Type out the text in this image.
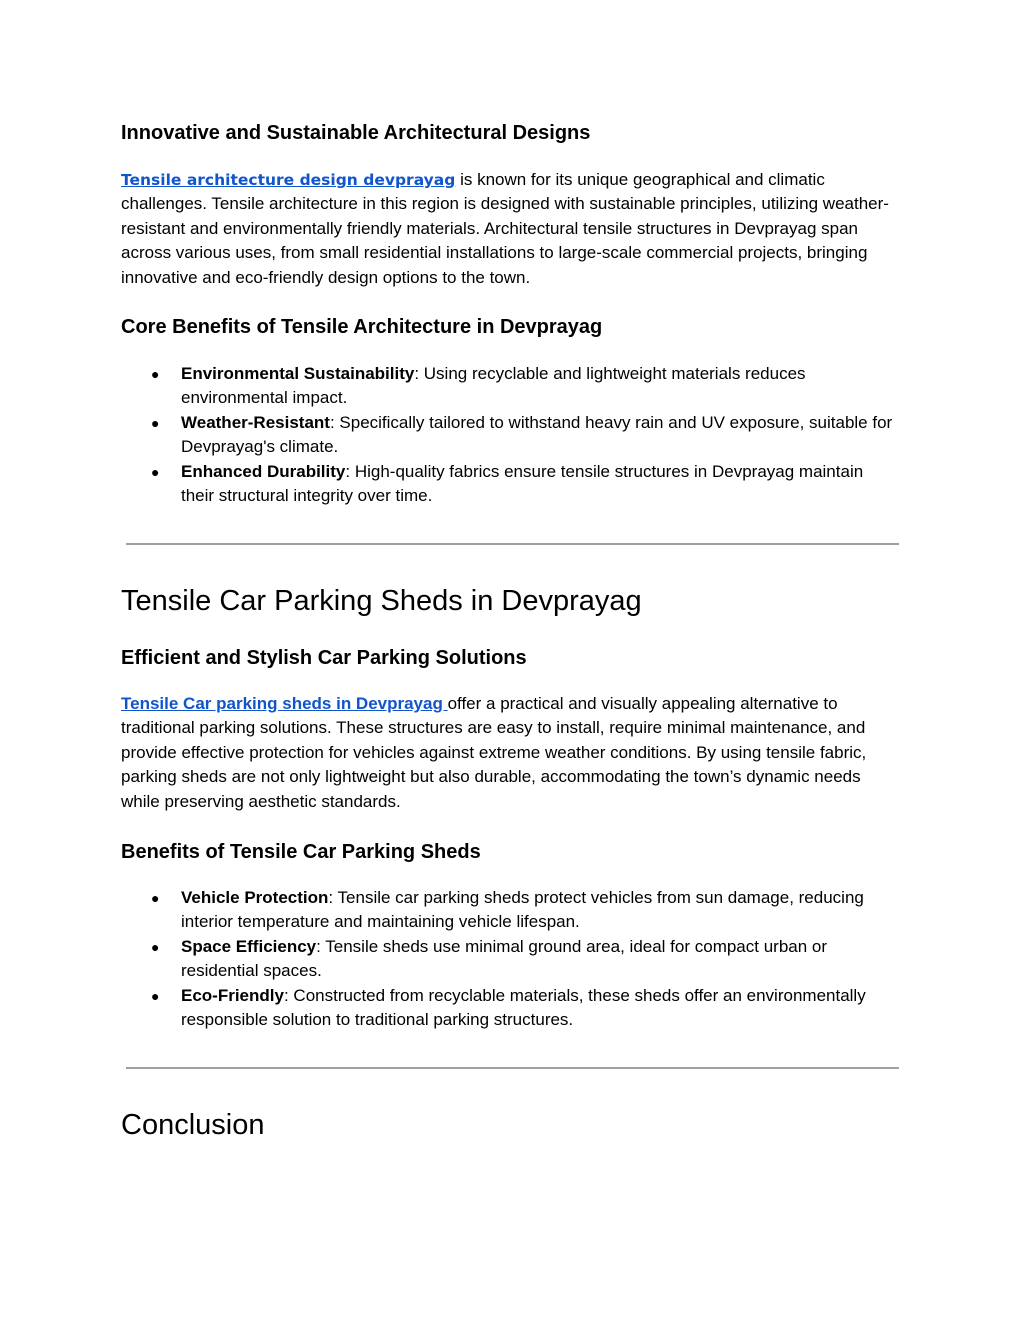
Innovative and Sustainable Architectural Designs

Tensile architecture design devprayag is known for its unique geographical and climatic challenges. Tensile architecture in this region is designed with sustainable principles, utilizing weather-resistant and environmentally friendly materials. Architectural tensile structures in Devprayag span across various uses, from small residential installations to large-scale commercial projects, bringing innovative and eco-friendly design options to the town.

Core Benefits of Tensile Architecture in Devprayag
● Environmental Sustainability: Using recyclable and lightweight materials reduces environmental impact.
● Weather-Resistant: Specifically tailored to withstand heavy rain and UV exposure, suitable for Devprayag's climate.
● Enhanced Durability: High-quality fabrics ensure tensile structures in Devprayag maintain their structural integrity over time.
Tensile Car Parking Sheds in Devprayag
Efficient and Stylish Car Parking Solutions

Tensile Car parking sheds in Devprayag offer a practical and visually appealing alternative to traditional parking solutions. These structures are easy to install, require minimal maintenance, and provide effective protection for vehicles against extreme weather conditions. By using tensile fabric, parking sheds are not only lightweight but also durable, accommodating the town’s dynamic needs while preserving aesthetic standards.

Benefits of Tensile Car Parking Sheds
● Vehicle Protection: Tensile car parking sheds protect vehicles from sun damage, reducing interior temperature and maintaining vehicle lifespan.
● Space Efficiency: Tensile sheds use minimal ground area, ideal for compact urban or residential spaces.
● Eco-Friendly: Constructed from recyclable materials, these sheds offer an environmentally responsible solution to traditional parking structures.
Conclusion
